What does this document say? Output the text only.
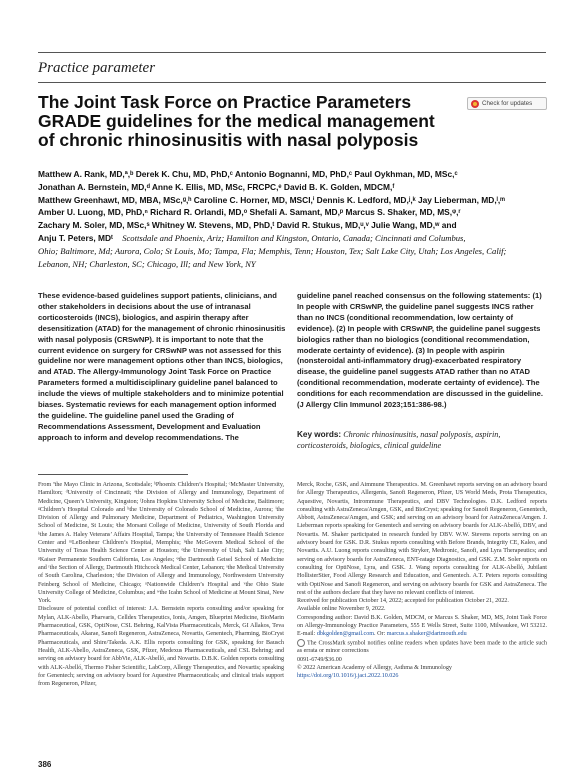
Practice parameter
The Joint Task Force on Practice Parameters
GRADE guidelines for the medical management
of chronic rhinosinusitis with nasal polyposis
Check for updates
Matthew A. Rank, MD,ª,ᵇ Derek K. Chu, MD, PhD,ᶜ Antonio Bognanni, MD, PhD,ᶜ Paul Oykhman, MD, MSc,ᶜ
Jonathan A. Bernstein, MD,ᵈ Anne K. Ellis, MD, MSc, FRCPC,ᵉ David B. K. Golden, MDCM,ᶠ
Matthew Greenhawt, MD, MBA, MSc,ᵍ,ʰ Caroline C. Horner, MD, MSCI,ⁱ Dennis K. Ledford, MD,ʲ,ᵏ Jay Lieberman, MD,ˡ,ᵐ
Amber U. Luong, MD, PhD,ⁿ Richard R. Orlandi, MD,ᵒ Shefali A. Samant, MD,ᵖ Marcus S. Shaker, MD, MS,ᵠ,ʳ
Zachary M. Soler, MD, MSc,ˢ Whitney W. Stevens, MD, PhD,ᵗ David R. Stukus, MD,ᵘ,ᵛ Julie Wang, MD,ʷ and
Anju T. Peters, MDᵗ Scottsdale and Phoenix, Ariz; Hamilton and Kingston, Ontario, Canada; Cincinnati and Columbus,
Ohio; Baltimore, Md; Aurora, Colo; St Louis, Mo; Tampa, Fla; Memphis, Tenn; Houston, Tex; Salt Lake City, Utah; Los Angeles, Calif;
Lebanon, NH; Charleston, SC; Chicago, Ill; and New York, NY
These evidence-based guidelines support patients, clinicians, and other stakeholders in decisions about the use of intranasal corticosteroids (INCS), biologics, and aspirin therapy after desensitization (ATAD) for the management of chronic rhinosinusitis with nasal polyposis (CRSwNP). It is important to note that the current evidence on surgery for CRSwNP was not assessed for this guideline nor were management options other than INCS, biologics, and ATAD. The Allergy-Immunology Joint Task Force on Practice Parameters formed a multidisciplinary guideline panel balanced to include the views of multiple stakeholders and to minimize potential biases. Systematic reviews for each management option informed the guideline. The guideline panel used the Grading of Recommendations Assessment, Development and Evaluation approach to inform and develop recommendations. The
guideline panel reached consensus on the following statements: (1) In people with CRSwNP, the guideline panel suggests INCS rather than no INCS (conditional recommendation, low certainty of evidence). (2) In people with CRSwNP, the guideline panel suggests biologics rather than no biologics (conditional recommendation, moderate certainty of evidence). (3) In people with aspirin (nonsteroidal anti-inflammatory drug)-exacerbated respiratory disease, the guideline panel suggests ATAD rather than no ATAD (conditional recommendation, moderate certainty of evidence). The conditions for each recommendation are discussed in the guideline. (J Allergy Clin Immunol 2023;151:386-98.)
Key words: Chronic rhinosinusitis, nasal polyposis, aspirin, corticosteroids, biologics, clinical guideline

From ªthe Mayo Clinic in Arizona, Scottsdale; ᵇPhoenix Children’s Hospital; ᶜMcMaster University, Hamilton; ᵈUniversity of Cincinnati; ᵉthe Division of Allergy and Immunology, Department of Medicine, Queen’s University, Kingston; ᶠJohns Hopkins University School of Medicine, Baltimore; ᵍChildren’s Hospital Colorado and ʰthe University of Colorado School of Medicine, Aurora; ⁱthe Division of Allergy and Pulmonary Medicine, Department of Pediatrics, Washington University School of Medicine, St Louis; ʲthe Morsani College of Medicine, University of South Florida and ᵏthe James A. Haley Veterans’ Affairs Hospital, Tampa; ˡthe University of Tennessee Health Science Center and ᵐLeBonheur Children’s Hospital, Memphis; ⁿthe McGovern Medical School of the University of Texas Health Science Center at Houston; ᵒthe University of Utah, Salt Lake City; ᵖKaiser Permanente Southern California, Los Angeles; ᵠthe Dartmouth Geisel School of Medicine and ʳthe Section of Allergy, Dartmouth Hitchcock Medical Center, Lebanon; ˢthe Medical University of South Carolina, Charleston; ᵗthe Division of Allergy and Immunology, Northwestern University Feinberg School of Medicine, Chicago; ᵘNationwide Children’s Hospital and ᵛthe Ohio State University College of Medicine, Columbus; and ʷthe Icahn School of Medicine at Mount Sinai, New York.

Disclosure of potential conflict of interest: J.A. Bernstein reports consulting and/or speaking for Mylan, ALK-Abello, Pharvaris, Celldex Therapeutics, Ionis, Amgen, Blueprint Medicine, BioMarin Pharmaceutical, GSK, OptiNose, CSL Behring, KalVista Pharmaceuticals, Merck, GI Allakos, Teva Pharmaceuticals, Akarae, Sanofi Regeneron, AstraZeneca, Novartis, Genentech, Pharming, BioCryst Pharmaceuticals, and Shire/Takeda. A.K. Ellis reports consulting for GSK, speaking for Bausch Health, ALK-Abello, AstraZeneca, GSK, Pfizer, Medexus Pharmaceuticals, and CSL Behring; and serving on advisory board for AbbVie, ALK-Abelló, and Novartis. D.B.K. Golden reports consulting with ALK-Abelló, Thermo Fisher Scientific, LabCorp, Allergy Therapeutics, and Novartis; speaking for Genentech; serving on advisory board for Aquestive Pharmaceuticals; and clinical trials support from Regeneron, Pfizer,

Merck, Roche, GSK, and Aimmune Therapeutics. M. Greenhawt reports serving on an advisory board for Allergy Therapeutics, Allergenis, Sanofi Regeneron, Pfizer, US World Meds, Prota Therapeutics, Aquestive, Novartis, Intrommune Therapeutics, and DBV Technologies. D.K. Ledford reports consulting with AstraZeneca/Amgen, GSK, and BioCryst; speaking for Sanofi Regeneron, Genentech, Abbott, AstraZeneca/Amgen, and GSK; and serving on an advisory board for AstraZeneca/Amgen. J. Lieberman reports speaking for Genentech and serving on advisory boards for ALK-Abelló, DBV, and Novartis. M. Shaker participated in research funded by DBV. W.W. Stevens reports serving on an advisory board for GSK. D.R. Stukus reports consulting with Before Brands, Integrity CE, Kaleo, and Novartis. A.U. Luong reports consulting with Stryker, Medtronic, Sanofi, and Lyra Therapeutics; and serving on advisory boards for AstraZeneca, ENT-ratage Diagnostics, and GSK. Z.M. Soler reports on consulting for OptiNose, Lyra, and GSK. J. Wang reports consulting for ALK-Abelló, Jubilant HollisterStier, Food Allergy Research and Education, and Genentech. A.T. Peters reports consulting with OptiNose and Sanofi Regeneron, and serving on advisory boards for GSK and AstraZeneca. The rest of the authors declare that they have no relevant conflicts of interest.

Received for publication October 14, 2022; accepted for publication October 21, 2022.

Available online November 9, 2022.

Corresponding author: David B.K. Golden, MDCM, or Marcus S. Shaker, MD, MS, Joint Task Force on Allergy-Immunology Practice Parameters, 555 E Wells Street, Suite 1100, Milwaukee, WI 53212. E-mail: dbkgolden@gmail.com. Or: marcus.s.shaker@dartmouth.edu

The CrossMark symbol notifies online readers when updates have been made to the article such as errata or minor corrections

0091-6749/$36.00

© 2022 American Academy of Allergy, Asthma & Immunology

https://doi.org/10.1016/j.jaci.2022.10.026

386
